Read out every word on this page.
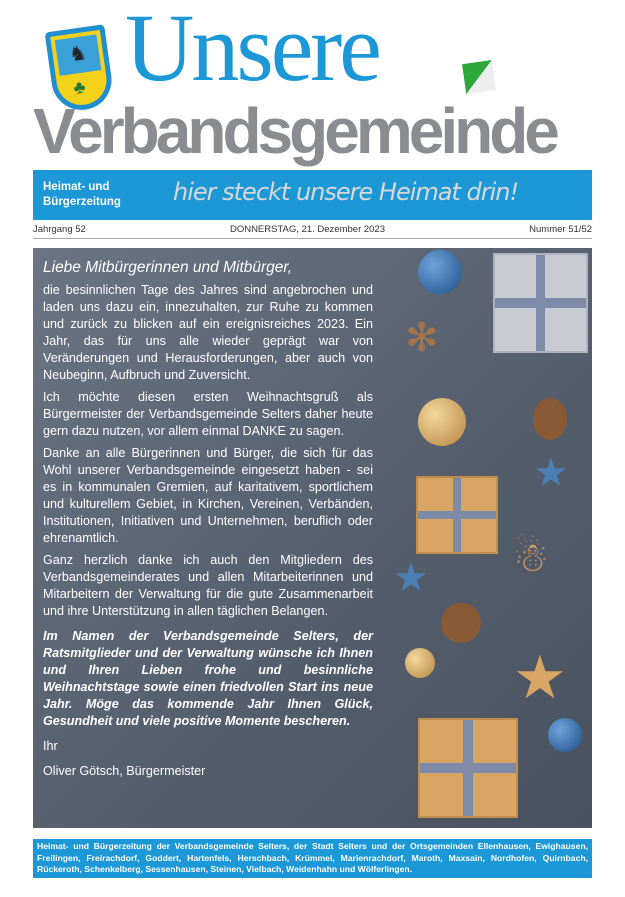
♞
♣ Unsere
Verbandsgemeinde
Heimat- und Bürgerzeitung	hier steckt unsere Heimat drin!
Jahrgang 52	DONNERSTAG, 21. Dezember 2023	Nummer 51/52
✻
★
☃
★
★
Liebe Mitbürgerinnen und Mitbürger,

die besinnlichen Tage des Jahres sind angebrochen und laden uns dazu ein, innezuhalten, zur Ruhe zu kommen und zurück zu blicken auf ein ereignisreiches 2023. Ein Jahr, das für uns alle wieder geprägt war von Veränderungen und Herausforderungen, aber auch von Neubeginn, Aufbruch und Zuversicht.

Ich möchte diesen ersten Weihnachtsgruß als Bürgermeister der Verbandsgemeinde Selters daher heute gern dazu nutzen, vor allem einmal DANKE zu sagen.

Danke an alle Bürgerinnen und Bürger, die sich für das Wohl unserer Verbandsgemeinde eingesetzt haben - sei es in kommunalen Gremien, auf karitativem, sportlichem und kulturellem Gebiet, in Kirchen, Vereinen, Verbänden, Institutionen, Initiativen und Unternehmen, beruflich oder ehrenamtlich.

Ganz herzlich danke ich auch den Mitgliedern des Verbandsgemeinderates und allen Mitarbeiterinnen und Mitarbeitern der Verwaltung für die gute Zusammenarbeit und ihre Unterstützung in allen täglichen Belangen.

Im Namen der Verbandsgemeinde Selters, der Ratsmitglieder und der Verwaltung wünsche ich Ihnen und Ihren Lieben frohe und besinnliche Weihnachtstage sowie einen friedvollen Start ins neue Jahr. Möge das kommende Jahr Ihnen Glück, Gesundheit und viele positive Momente bescheren.

Ihr

Oliver Götsch, Bürgermeister

Heimat- und Bürgerzeitung der Verbandsgemeinde Selters, der Stadt Selters und der Ortsgemeinden Ellenhausen, Ewighausen, Freilingen, Freirachdorf, Goddert, Hartenfels, Herschbach, Krümmel, Marienrachdorf, Maroth, Maxsain, Nordhofen, Quirnbach, Rückeroth, Schenkelberg, Sessenhausen, Steinen, Vielbach, Weidenhahn und Wölferlingen.
